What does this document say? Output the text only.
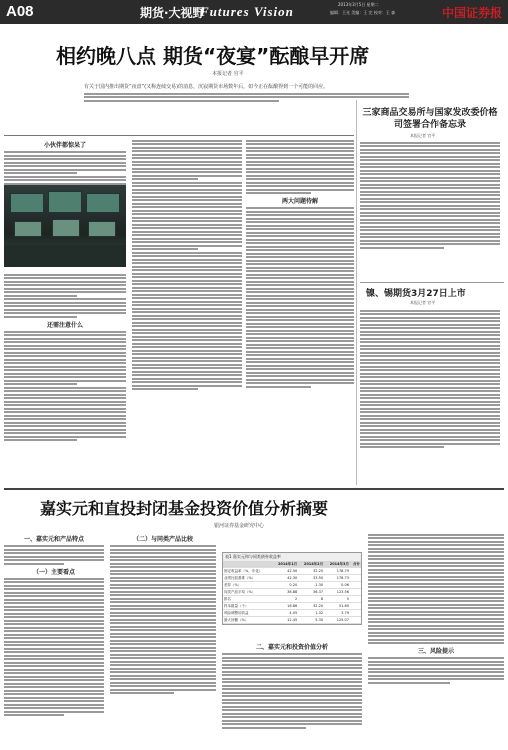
A08	期货·大视野
Futures Vision	2013年3月5日 星期二
编辑：王光 美编：王 完 校对：王 森	中国证券报
相约晚八点 期货“夜宴”酝酿早开席
本报记者 官平
有关于国内推出期货“夜盘”(又称连续交易)的消息，沉寂期货市场数年后，如今正在酝酿得到一个可能的回应。
小伙伴都惊呆了
还需注意什么
两大问题待解
三家商品交易所与国家发改委价格司签署合作备忘录
本报记者 官平
镍、锡期货3月27日上市
本报记者 官平
嘉实元和直投封闭基金投资价值分析摘要
银河证券基金研究中心
一、嘉实元和产品特点
（一）主要看点
（二）与同类产品比较
表1 嘉实元和与同类债券收益率
	2014年1月	2014年2月	2014年3月	合计
固定收益率（%，年化）	42.50	32.20	178.79	
业绩比较基准（%）	42.30	33.50	178.73	
差异（%）	0.20	-1.30	0.06	
同类产品平均（%）	38.88	36.37	123.56	
排名	2	8	5	
样本数量（个）	16.86	32.20	51.60	
风险调整后收益	4.05	1.32	3.79	
最大回撤（%）	12.45	5.30	125.07	
二、嘉实元和投资价值分析
三、风险提示
